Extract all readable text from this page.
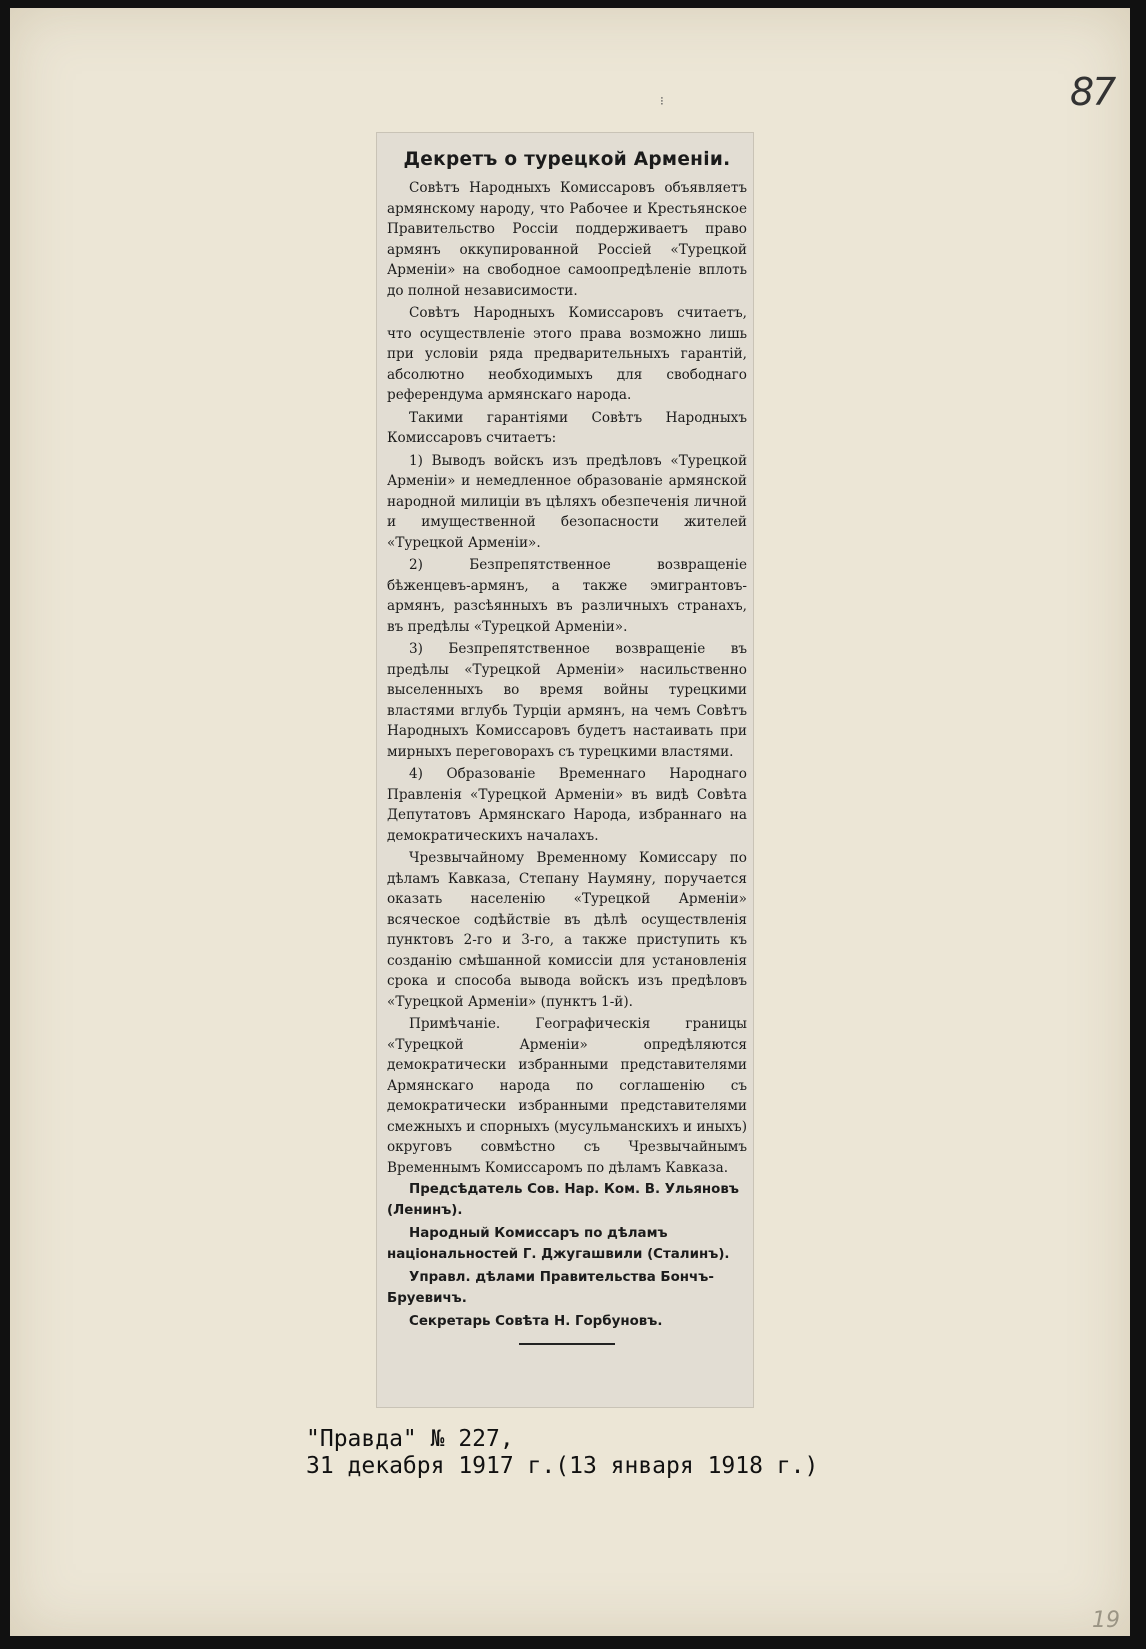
87
⁝
Декретъ о турецкой Арменіи.

Совѣтъ Народныхъ Комиссаровъ объявляетъ армянскому народу, что Рабочее и Крестьянское Правительство Россіи поддерживаетъ право армянъ оккупированной Россіей «Турецкой Арменіи» на свободное самоопредѣленіе вплоть до полной независимости.

Совѣтъ Народныхъ Комиссаровъ считаетъ, что осуществленіе этого права возможно лишь при условіи ряда предварительныхъ гарантій, абсолютно необходимыхъ для свободнаго референдума армянскаго народа.

Такими гарантіями Совѣтъ Народныхъ Комиссаровъ считаетъ:

1) Выводъ войскъ изъ предѣловъ «Турецкой Арменіи» и немедленное образованіе армянской народной милиціи въ цѣляхъ обезпеченія личной и имущественной безопасности жителей «Турецкой Арменіи».

2) Безпрепятственное возвращеніе бѣженцевъ-армянъ, а также эмигрантовъ-армянъ, разсѣянныхъ въ различныхъ странахъ, въ предѣлы «Турецкой Арменіи».

3) Безпрепятственное возвращеніе въ предѣлы «Турецкой Арменіи» насильственно выселенныхъ во время войны турецкими властями вглубь Турціи армянъ, на чемъ Совѣтъ Народныхъ Комиссаровъ будетъ настаивать при мирныхъ переговорахъ съ турецкими властями.

4) Образованіе Временнаго Народнаго Правленія «Турецкой Арменіи» въ видѣ Совѣта Депутатовъ Армянскаго Народа, избраннаго на демократическихъ началахъ.

Чрезвычайному Временному Комиссару по дѣламъ Кавказа, Степану Наумяну, поручается оказать населенію «Турецкой Арменіи» всяческое содѣйствіе въ дѣлѣ осуществленія пунктовъ 2-го и 3-го, а также приступить къ созданію смѣшанной комиссіи для установленія срока и способа вывода войскъ изъ предѣловъ «Турецкой Арменіи» (пунктъ 1-й).

Примѣчаніе. Географическія границы «Турецкой Арменіи» опредѣляются демократически избранными представителями Армянскаго народа по соглашенію съ демократически избранными представителями смежныхъ и спорныхъ (мусульманскихъ и иныхъ) округовъ совмѣстно съ Чрезвычайнымъ Временнымъ Комиссаромъ по дѣламъ Кавказа.

Предсѣдатель Сов. Нар. Ком. В. Ульяновъ (Ленинъ).

Народный Комиссаръ по дѣламъ національностей Г. Джугашвили (Сталинъ).

Управл. дѣлами Правительства Бончъ-Бруевичъ.

Секретарь Совѣта Н. Горбуновъ.

"Правда" № 227,
31 декабря 1917 г.(13 января 1918 г.)
19
